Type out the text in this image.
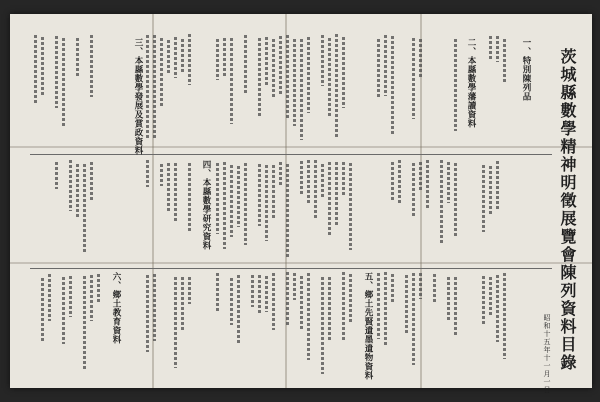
茨城縣數學精神明徵展覽會陳列資料目錄
昭和十五年十一月一日
一、特別陳列品
二、本縣數學藩讀資料
三、本縣數學發展及賞政資料
四、本縣數學研究資料
五、鄉土先賢遺墨遺物資料
六、鄉土教育資料
